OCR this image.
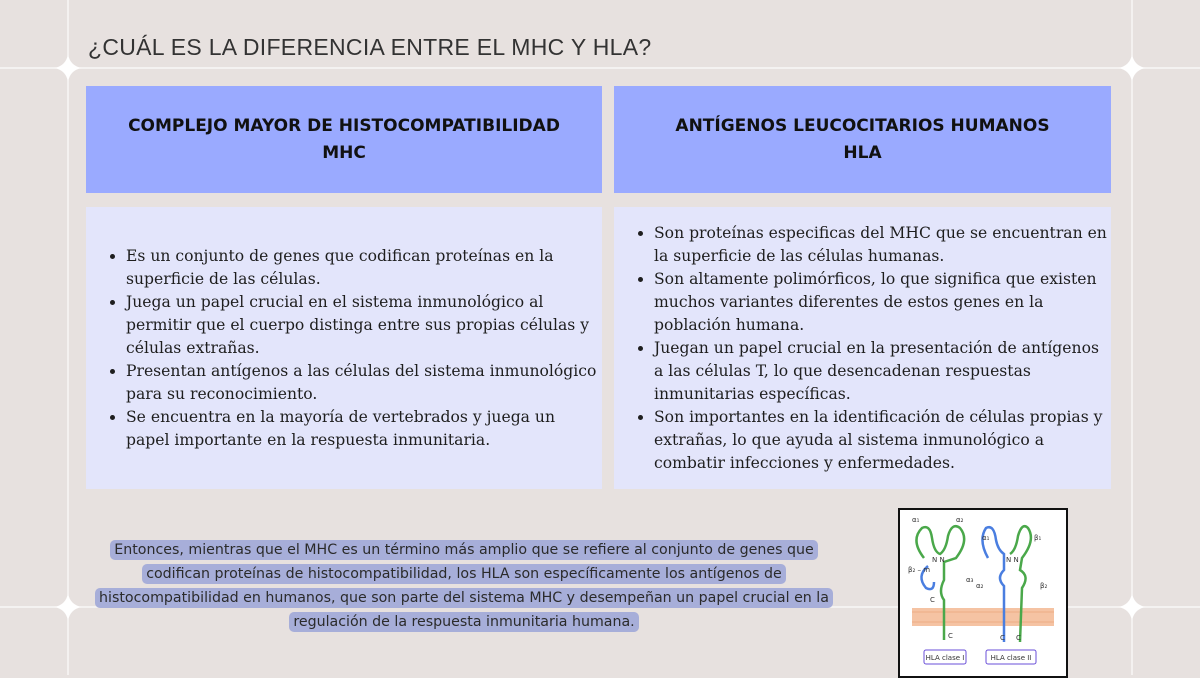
¿CUÁL ES LA DIFERENCIA ENTRE EL MHC Y HLA?
COMPLEJO MAYOR DE HISTOCOMPATIBILIDAD
MHC
ANTÍGENOS LEUCOCITARIOS HUMANOS
HLA
• Es un conjunto de genes que codifican proteínas en la superficie de las células.
• Juega un papel crucial en el sistema inmunológico al permitir que el cuerpo distinga entre sus propias células y células extrañas.
• Presentan antígenos a las células del sistema inmunológico para su reconocimiento.
• Se encuentra en la mayoría de vertebrados y juega un papel importante en la respuesta inmunitaria.
• Son proteínas especificas del MHC que se encuentran en la superficie de las células humanas.
• Son altamente polimórficos, lo que significa que existen muchos variantes diferentes de estos genes en la población humana.
• Juegan un papel crucial en la presentación de antígenos a las células T, lo que desencadenan respuestas inmunitarias específicas.
• Son importantes en la identificación de células propias y extrañas, lo que ayuda al sistema inmunológico a combatir infecciones y enfermedades.
Entonces, mientras que el MHC es un término más amplio que se refiere al conjunto de genes que codifican proteínas de histocompatibilidad, los HLA son específicamente los antígenos de histocompatibilidad en humanos, que son parte del sistema MHC y desempeñan un papel crucial en la regulación de la respuesta inmunitaria humana.
α₁	α₂
N N
β₂ – m
α₃
C
α₁	β₁
N N
α₂	β₂
C	C C
HLA clase I	HLA clase II
